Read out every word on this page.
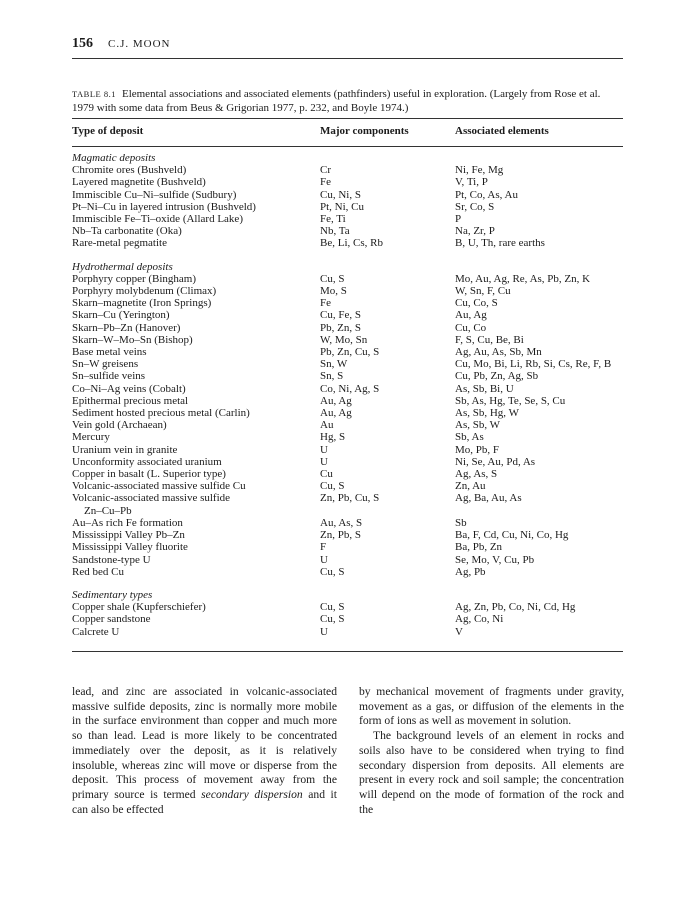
156 C.J. MOON
TABLE 8.1 Elemental associations and associated elements (pathfinders) useful in exploration. (Largely from Rose et al. 1979 with some data from Beus & Grigorian 1977, p. 232, and Boyle 1974.)
Type of deposit	Major components	Associated elements
Magmatic deposits
Chromite ores (Bushveld)	Cr	Ni, Fe, Mg
Layered magnetite (Bushveld)	Fe	V, Ti, P
Immiscible Cu–Ni–sulfide (Sudbury)	Cu, Ni, S	Pt, Co, As, Au
Pt–Ni–Cu in layered intrusion (Bushveld)	Pt, Ni, Cu	Sr, Co, S
Immiscible Fe–Ti–oxide (Allard Lake)	Fe, Ti	P
Nb–Ta carbonatite (Oka)	Nb, Ta	Na, Zr, P
Rare-metal pegmatite	Be, Li, Cs, Rb	B, U, Th, rare earths
Hydrothermal deposits
Porphyry copper (Bingham)	Cu, S	Mo, Au, Ag, Re, As, Pb, Zn, K
Porphyry molybdenum (Climax)	Mo, S	W, Sn, F, Cu
Skarn–magnetite (Iron Springs)	Fe	Cu, Co, S
Skarn–Cu (Yerington)	Cu, Fe, S	Au, Ag
Skarn–Pb–Zn (Hanover)	Pb, Zn, S	Cu, Co
Skarn–W–Mo–Sn (Bishop)	W, Mo, Sn	F, S, Cu, Be, Bi
Base metal veins	Pb, Zn, Cu, S	Ag, Au, As, Sb, Mn
Sn–W greisens	Sn, W	Cu, Mo, Bi, Li, Rb, Si, Cs, Re, F, B
Sn–sulfide veins	Sn, S	Cu, Pb, Zn, Ag, Sb
Co–Ni–Ag veins (Cobalt)	Co, Ni, Ag, S	As, Sb, Bi, U
Epithermal precious metal	Au, Ag	Sb, As, Hg, Te, Se, S, Cu
Sediment hosted precious metal (Carlin)	Au, Ag	As, Sb, Hg, W
Vein gold (Archaean)	Au	As, Sb, W
Mercury	Hg, S	Sb, As
Uranium vein in granite	U	Mo, Pb, F
Unconformity associated uranium	U	Ni, Se, Au, Pd, As
Copper in basalt (L. Superior type)	Cu	Ag, As, S
Volcanic-associated massive sulfide Cu	Cu, S	Zn, Au
Volcanic-associated massive sulfide	Zn, Pb, Cu, S	Ag, Ba, Au, As
Zn–Cu–Pb
Au–As rich Fe formation	Au, As, S	Sb
Mississippi Valley Pb–Zn	Zn, Pb, S	Ba, F, Cd, Cu, Ni, Co, Hg
Mississippi Valley fluorite	F	Ba, Pb, Zn
Sandstone-type U	U	Se, Mo, V, Cu, Pb
Red bed Cu	Cu, S	Ag, Pb
Sedimentary types
Copper shale (Kupferschiefer)	Cu, S	Ag, Zn, Pb, Co, Ni, Cd, Hg
Copper sandstone	Cu, S	Ag, Co, Ni
Calcrete U	U	V

lead, and zinc are associated in volcanic-associated massive sulfide deposits, zinc is normally more mobile in the surface environment than copper and much more so than lead. Lead is more likely to be concentrated immediately over the deposit, as it is relatively insoluble, whereas zinc will move or disperse from the deposit. This process of movement away from the primary source is termed secondary dispersion and it can also be effected

by mechanical movement of fragments under gravity, movement as a gas, or diffusion of the elements in the form of ions as well as movement in solution.

The background levels of an element in rocks and soils also have to be considered when trying to find secondary dispersion from deposits. All elements are present in every rock and soil sample; the concentration will depend on the mode of formation of the rock and the
